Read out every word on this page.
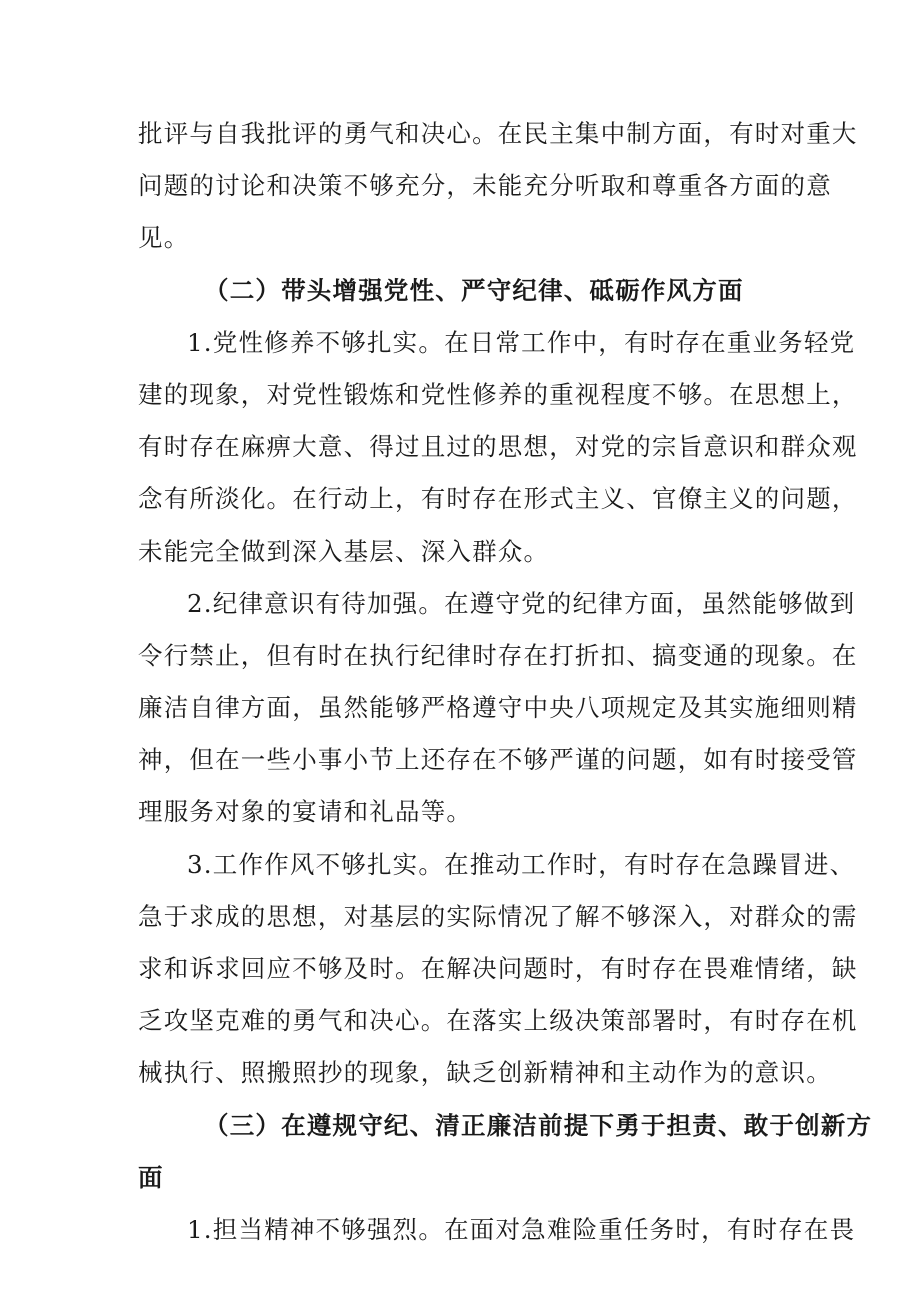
批评与自我批评的勇气和决心。在民主集中制方面，有时对重大
问题的讨论和决策不够充分，未能充分听取和尊重各方面的意
见。
（二）带头增强党性、严守纪律、砥砺作风方面
1.党性修养不够扎实。在日常工作中，有时存在重业务轻党
建的现象，对党性锻炼和党性修养的重视程度不够。在思想上，
有时存在麻痹大意、得过且过的思想，对党的宗旨意识和群众观
念有所淡化。在行动上，有时存在形式主义、官僚主义的问题，
未能完全做到深入基层、深入群众。
2.纪律意识有待加强。在遵守党的纪律方面，虽然能够做到
令行禁止，但有时在执行纪律时存在打折扣、搞变通的现象。在
廉洁自律方面，虽然能够严格遵守中央八项规定及其实施细则精
神，但在一些小事小节上还存在不够严谨的问题，如有时接受管
理服务对象的宴请和礼品等。
3.工作作风不够扎实。在推动工作时，有时存在急躁冒进、
急于求成的思想，对基层的实际情况了解不够深入，对群众的需
求和诉求回应不够及时。在解决问题时，有时存在畏难情绪，缺
乏攻坚克难的勇气和决心。在落实上级决策部署时，有时存在机
械执行、照搬照抄的现象，缺乏创新精神和主动作为的意识。
（三）在遵规守纪、清正廉洁前提下勇于担责、敢于创新方
面
1.担当精神不够强烈。在面对急难险重任务时，有时存在畏
